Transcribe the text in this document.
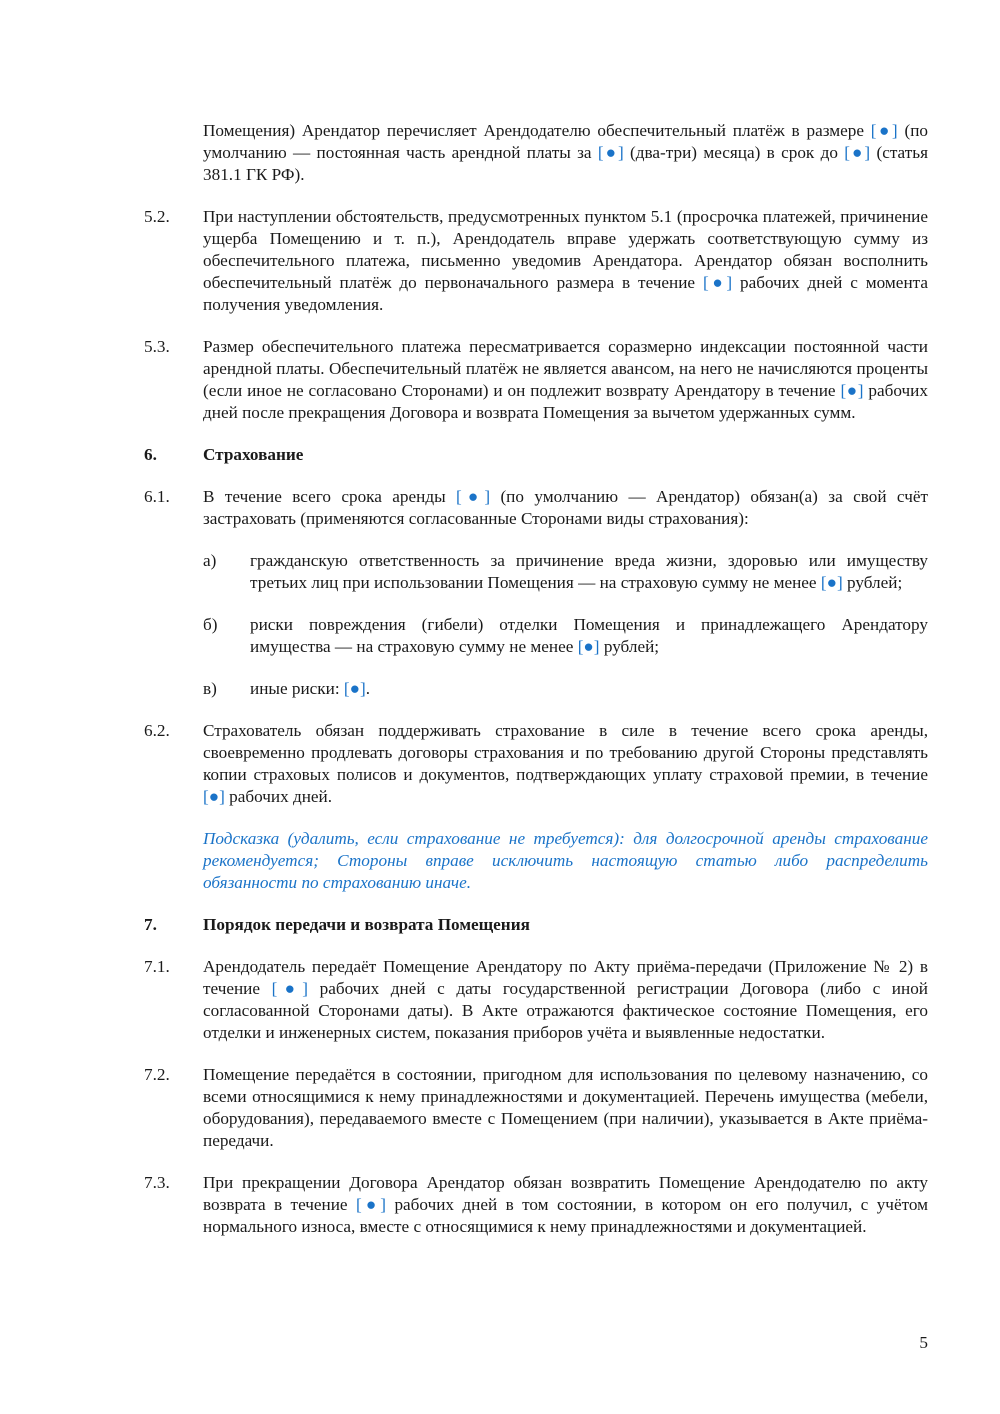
Помещения) Арендатор перечисляет Арендодателю обеспечительный платёж в размере [●] (по умолчанию — постоянная часть арендной платы за [●] (два-три) месяца) в срок до [●] (статья 381.1 ГК РФ).
5.2.	При наступлении обстоятельств, предусмотренных пунктом 5.1 (просрочка платежей, причинение ущерба Помещению и т. п.), Арендодатель вправе удержать соответствующую сумму из обеспечительного платежа, письменно уведомив Арендатора. Арендатор обязан восполнить обеспечительный платёж до первоначального размера в течение [●] рабочих дней с момента получения уведомления.
5.3.	Размер обеспечительного платежа пересматривается соразмерно индексации постоянной части арендной платы. Обеспечительный платёж не является авансом, на него не начисляются проценты (если иное не согласовано Сторонами) и он подлежит возврату Арендатору в течение [●] рабочих дней после прекращения Договора и возврата Помещения за вычетом удержанных сумм.
6.	Страхование
6.1.	В течение всего срока аренды [●] (по умолчанию — Арендатор) обязан(а) за свой счёт застраховать (применяются согласованные Сторонами виды страхования):
а) гражданскую ответственность за причинение вреда жизни, здоровью или имуществу третьих лиц при использовании Помещения — на страховую сумму не менее [●] рублей;
б) риски повреждения (гибели) отделки Помещения и принадлежащего Арендатору имущества — на страховую сумму не менее [●] рублей;
в) иные риски: [●].
6.2.	Страхователь обязан поддерживать страхование в силе в течение всего срока аренды, своевременно продлевать договоры страхования и по требованию другой Стороны представлять копии страховых полисов и документов, подтверждающих уплату страховой премии, в течение [●] рабочих дней.
Подсказка (удалить, если страхование не требуется): для долгосрочной аренды страхование рекомендуется; Стороны вправе исключить настоящую статью либо распределить обязанности по страхованию иначе.
7.	Порядок передачи и возврата Помещения
7.1.	Арендодатель передаёт Помещение Арендатору по Акту приёма-передачи (Приложение № 2) в течение [●] рабочих дней с даты государственной регистрации Договора (либо с иной согласованной Сторонами даты). В Акте отражаются фактическое состояние Помещения, его отделки и инженерных систем, показания приборов учёта и выявленные недостатки.
7.2.	Помещение передаётся в состоянии, пригодном для использования по целевому назначению, со всеми относящимися к нему принадлежностями и документацией. Перечень имущества (мебели, оборудования), передаваемого вместе с Помещением (при наличии), указывается в Акте приёма-передачи.
7.3.	При прекращении Договора Арендатор обязан возвратить Помещение Арендодателю по акту возврата в течение [●] рабочих дней в том состоянии, в котором он его получил, с учётом нормального износа, вместе с относящимися к нему принадлежностями и документацией.
5
